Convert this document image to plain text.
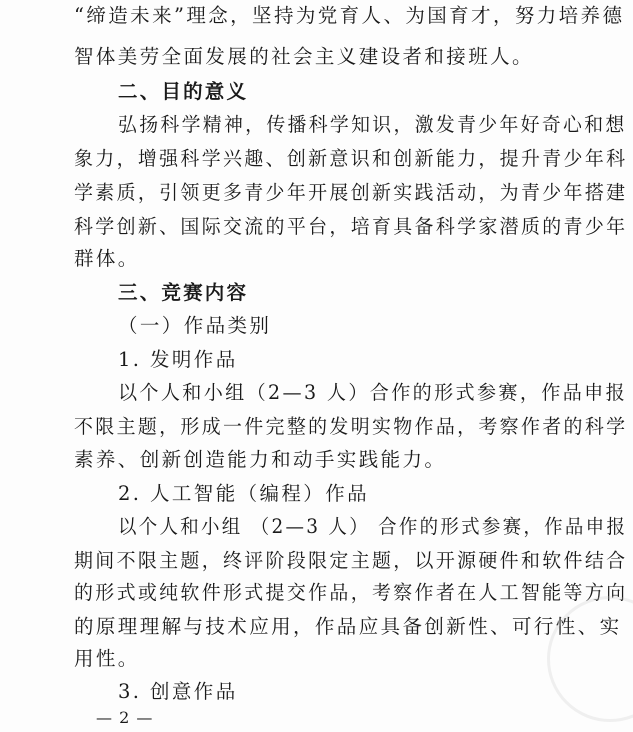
“缔造未来”理念，坚持为党育人、为国育才，努力培养德
智体美劳全面发展的社会主义建设者和接班人。
二、目的意义
弘扬科学精神，传播科学知识，激发青少年好奇心和想
象力，增强科学兴趣、创新意识和创新能力，提升青少年科
学素质，引领更多青少年开展创新实践活动，为青少年搭建
科学创新、国际交流的平台，培育具备科学家潜质的青少年
群体。
三、竞赛内容
（一）作品类别
1. 发明作品
以个人和小组（2—3 人）合作的形式参赛，作品申报
不限主题，形成一件完整的发明实物作品，考察作者的科学
素养、创新创造能力和动手实践能力。
2. 人工智能（编程）作品
以个人和小组 （2—3 人） 合作的形式参赛，作品申报
期间不限主题，终评阶段限定主题，以开源硬件和软件结合
的形式或纯软件形式提交作品，考察作者在人工智能等方向
的原理理解与技术应用，作品应具备创新性、可行性、实
用性。
3. 创意作品
— 2 —
